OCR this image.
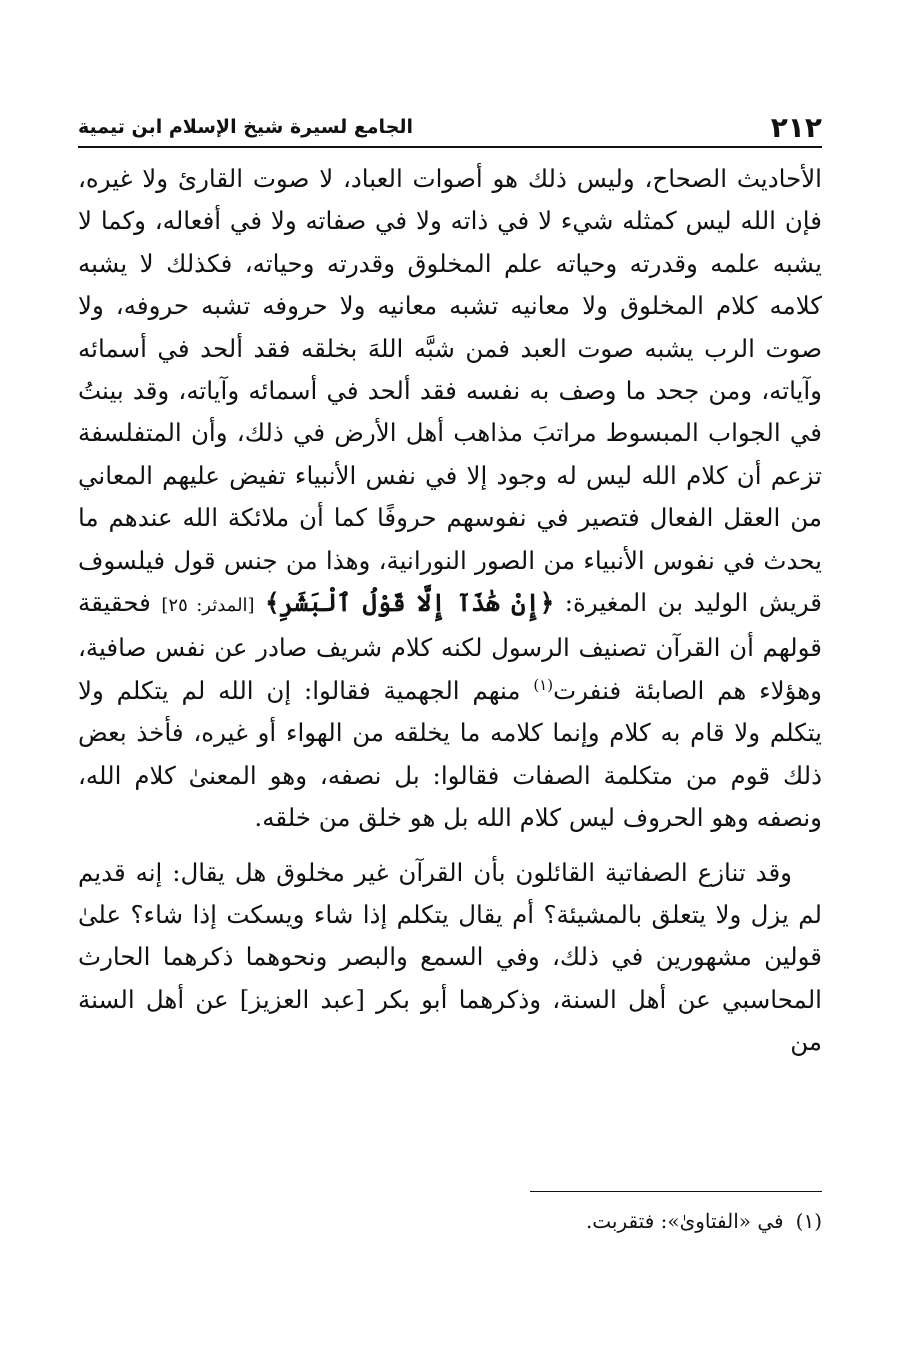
٢١٢
الجامع لسيرة شيخ الإسلام ابن تيمية

الأحاديث الصحاح، وليس ذلك هو أصوات العباد، لا صوت القارئ ولا غيره، فإن الله ليس كمثله شيء لا في ذاته ولا في صفاته ولا في أفعاله، وكما لا يشبه علمه وقدرته وحياته علم المخلوق وقدرته وحياته، فكذلك لا يشبه كلامه كلام المخلوق ولا معانيه تشبه معانيه ولا حروفه تشبه حروفه، ولا صوت الرب يشبه صوت العبد فمن شبَّه اللهَ بخلقه فقد ألحد في أسمائه وآياته، ومن جحد ما وصف به نفسه فقد ألحد في أسمائه وآياته، وقد بينتُ في الجواب المبسوط مراتبَ مذاهب أهل الأرض في ذلك، وأن المتفلسفة تزعم أن كلام الله ليس له وجود إلا في نفس الأنبياء تفيض عليهم المعاني من العقل الفعال فتصير في نفوسهم حروفًا كما أن ملائكة الله عندهم ما يحدث في نفوس الأنبياء من الصور النورانية، وهذا من جنس قول فيلسوف قريش الوليد بن المغيرة: ﴿إِنْ هَٰذَآ إِلَّا قَوْلُ ٱلْبَشَرِ﴾ [المدثر: ٢٥] فحقيقة قولهم أن القرآن تصنيف الرسول لكنه كلام شريف صادر عن نفس صافية، وهؤلاء هم الصابئة فنفرت$^{(١)}$ منهم الجهمية فقالوا: إن الله لم يتكلم ولا يتكلم ولا قام به كلام وإنما كلامه ما يخلقه من الهواء أو غيره، فأخذ بعض ذلك قوم من متكلمة الصفات فقالوا: بل نصفه، وهو المعنىٰ كلام الله، ونصفه وهو الحروف ليس كلام الله بل هو خلق من خلقه.

وقد تنازع الصفاتية القائلون بأن القرآن غير مخلوق هل يقال: إنه قديم لم يزل ولا يتعلق بالمشيئة؟ أم يقال يتكلم إذا شاء ويسكت إذا شاء؟ علىٰ قولين مشهورين في ذلك، وفي السمع والبصر ونحوهما ذكرهما الحارث المحاسبي عن أهل السنة، وذكرهما أبو بكر [عبد العزيز] عن أهل السنة من

(١)في «الفتاوىٰ»: فتقربت.
